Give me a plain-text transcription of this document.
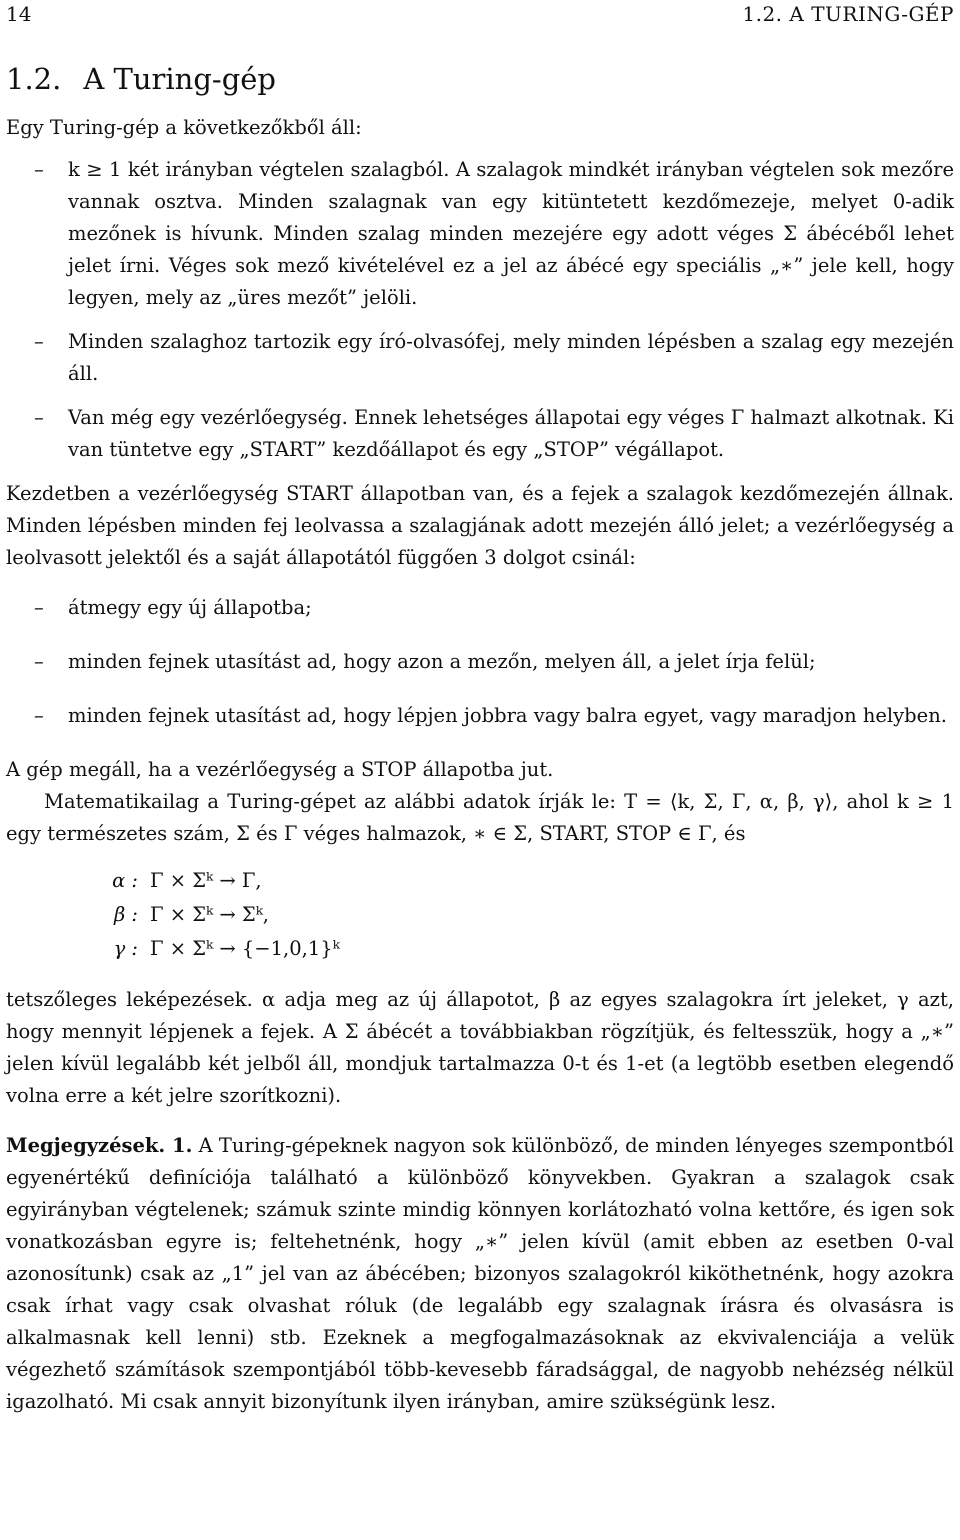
14	1.2. A TURING-GÉP
1.2. A Turing-gép

Egy Turing-gép a következőkből áll:

– k ≥ 1 két irányban végtelen szalagból. A szalagok mindkét irányban végtelen sok mezőre vannak osztva. Minden szalagnak van egy kitüntetett kezdőmezeje, melyet 0-adik mezőnek is hívunk. Minden szalag minden mezejére egy adott véges Σ ábécéből lehet jelet írni. Véges sok mező kivételével ez a jel az ábécé egy speciális „∗” jele kell, hogy legyen, mely az „üres mezőt” jelöli.
– Minden szalaghoz tartozik egy író-olvasófej, mely minden lépésben a szalag egy mezején áll.
– Van még egy vezérlőegység. Ennek lehetséges állapotai egy véges Γ halmazt alkotnak. Ki van tüntetve egy „START” kezdőállapot és egy „STOP” végállapot.

Kezdetben a vezérlőegység START állapotban van, és a fejek a szalagok kezdőmezején állnak. Minden lépésben minden fej leolvassa a szalagjának adott mezején álló jelet; a vezérlőegység a leolvasott jelektől és a saját állapotától függően 3 dolgot csinál:

– átmegy egy új állapotba;
– minden fejnek utasítást ad, hogy azon a mezőn, melyen áll, a jelet írja felül;
– minden fejnek utasítást ad, hogy lépjen jobbra vagy balra egyet, vagy maradjon helyben.

A gép megáll, ha a vezérlőegység a STOP állapotba jut.

Matematikailag a Turing-gépet az alábbi adatok írják le: T = ⟨k, Σ, Γ, α, β, γ⟩, ahol k ≥ 1 egy természetes szám, Σ és Γ véges halmazok, ∗ ∈ Σ, START, STOP ∈ Γ, és

α : Γ × Σᵏ → Γ,
β : Γ × Σᵏ → Σᵏ,
γ : Γ × Σᵏ → {−1,0,1}ᵏ

tetszőleges leképezések. α adja meg az új állapotot, β az egyes szalagokra írt jeleket, γ azt, hogy mennyit lépjenek a fejek. A Σ ábécét a továbbiakban rögzítjük, és feltesszük, hogy a „∗” jelen kívül legalább két jelből áll, mondjuk tartalmazza 0-t és 1-et (a legtöbb esetben elegendő volna erre a két jelre szorítkozni).

Megjegyzések. 1. A Turing-gépeknek nagyon sok különböző, de minden lényeges szempontból egyenértékű definíciója található a különböző könyvekben. Gyakran a szalagok csak egyirányban végtelenek; számuk szinte mindig könnyen korlátozható volna kettőre, és igen sok vonatkozásban egyre is; feltehetnénk, hogy „∗” jelen kívül (amit ebben az esetben 0-val azonosítunk) csak az „1” jel van az ábécében; bizonyos szalagokról kiköthetnénk, hogy azokra csak írhat vagy csak olvashat róluk (de legalább egy szalagnak írásra és olvasásra is alkalmasnak kell lenni) stb. Ezeknek a megfogalmazásoknak az ekvivalenciája a velük végezhető számítások szempontjából több-kevesebb fáradsággal, de nagyobb nehézség nélkül igazolható. Mi csak annyit bizonyítunk ilyen irányban, amire szükségünk lesz.
